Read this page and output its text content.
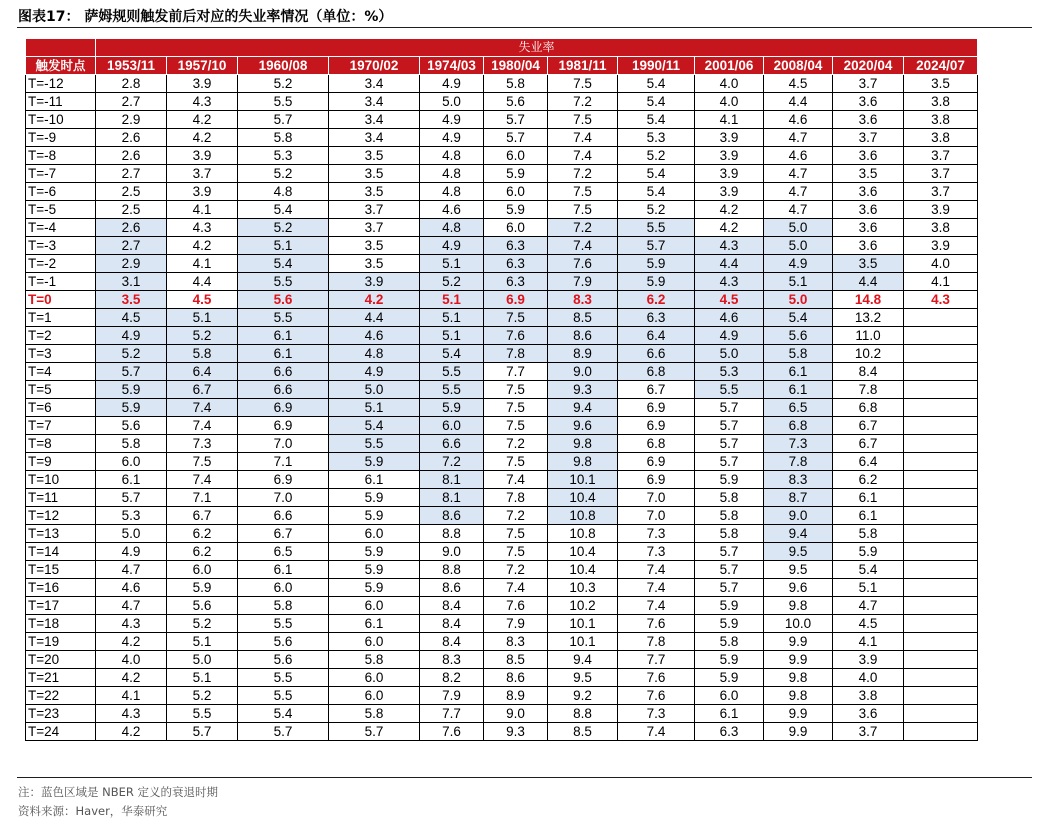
图表17： 萨姆规则触发前后对应的失业率情况（单位：%）
	失业率											
触发时点	1953/11	1957/10	1960/08	1970/02	1974/03	1980/04	1981/11	1990/11	2001/06	2008/04	2020/04	2024/07
T=-12	2.8	3.9	5.2	3.4	4.9	5.8	7.5	5.4	4.0	4.5	3.7	3.5
T=-11	2.7	4.3	5.5	3.4	5.0	5.6	7.2	5.4	4.0	4.4	3.6	3.8
T=-10	2.9	4.2	5.7	3.4	4.9	5.7	7.5	5.4	4.1	4.6	3.6	3.8
T=-9	2.6	4.2	5.8	3.4	4.9	5.7	7.4	5.3	3.9	4.7	3.7	3.8
T=-8	2.6	3.9	5.3	3.5	4.8	6.0	7.4	5.2	3.9	4.6	3.6	3.7
T=-7	2.7	3.7	5.2	3.5	4.8	5.9	7.2	5.4	3.9	4.7	3.5	3.7
T=-6	2.5	3.9	4.8	3.5	4.8	6.0	7.5	5.4	3.9	4.7	3.6	3.7
T=-5	2.5	4.1	5.4	3.7	4.6	5.9	7.5	5.2	4.2	4.7	3.6	3.9
T=-4	2.6	4.3	5.2	3.7	4.8	6.0	7.2	5.5	4.2	5.0	3.6	3.8
T=-3	2.7	4.2	5.1	3.5	4.9	6.3	7.4	5.7	4.3	5.0	3.6	3.9
T=-2	2.9	4.1	5.4	3.5	5.1	6.3	7.6	5.9	4.4	4.9	3.5	4.0
T=-1	3.1	4.4	5.5	3.9	5.2	6.3	7.9	5.9	4.3	5.1	4.4	4.1
T=0	3.5	4.5	5.6	4.2	5.1	6.9	8.3	6.2	4.5	5.0	14.8	4.3
T=1	4.5	5.1	5.5	4.4	5.1	7.5	8.5	6.3	4.6	5.4	13.2	
T=2	4.9	5.2	6.1	4.6	5.1	7.6	8.6	6.4	4.9	5.6	11.0	
T=3	5.2	5.8	6.1	4.8	5.4	7.8	8.9	6.6	5.0	5.8	10.2	
T=4	5.7	6.4	6.6	4.9	5.5	7.7	9.0	6.8	5.3	6.1	8.4	
T=5	5.9	6.7	6.6	5.0	5.5	7.5	9.3	6.7	5.5	6.1	7.8	
T=6	5.9	7.4	6.9	5.1	5.9	7.5	9.4	6.9	5.7	6.5	6.8	
T=7	5.6	7.4	6.9	5.4	6.0	7.5	9.6	6.9	5.7	6.8	6.7	
T=8	5.8	7.3	7.0	5.5	6.6	7.2	9.8	6.8	5.7	7.3	6.7	
T=9	6.0	7.5	7.1	5.9	7.2	7.5	9.8	6.9	5.7	7.8	6.4	
T=10	6.1	7.4	6.9	6.1	8.1	7.4	10.1	6.9	5.9	8.3	6.2	
T=11	5.7	7.1	7.0	5.9	8.1	7.8	10.4	7.0	5.8	8.7	6.1	
T=12	5.3	6.7	6.6	5.9	8.6	7.2	10.8	7.0	5.8	9.0	6.1	
T=13	5.0	6.2	6.7	6.0	8.8	7.5	10.8	7.3	5.8	9.4	5.8	
T=14	4.9	6.2	6.5	5.9	9.0	7.5	10.4	7.3	5.7	9.5	5.9	
T=15	4.7	6.0	6.1	5.9	8.8	7.2	10.4	7.4	5.7	9.5	5.4	
T=16	4.6	5.9	6.0	5.9	8.6	7.4	10.3	7.4	5.7	9.6	5.1	
T=17	4.7	5.6	5.8	6.0	8.4	7.6	10.2	7.4	5.9	9.8	4.7	
T=18	4.3	5.2	5.5	6.1	8.4	7.9	10.1	7.6	5.9	10.0	4.5	
T=19	4.2	5.1	5.6	6.0	8.4	8.3	10.1	7.8	5.8	9.9	4.1	
T=20	4.0	5.0	5.6	5.8	8.3	8.5	9.4	7.7	5.9	9.9	3.9	
T=21	4.2	5.1	5.5	6.0	8.2	8.6	9.5	7.6	5.9	9.8	4.0	
T=22	4.1	5.2	5.5	6.0	7.9	8.9	9.2	7.6	6.0	9.8	3.8	
T=23	4.3	5.5	5.4	5.8	7.7	9.0	8.8	7.3	6.1	9.9	3.6	
T=24	4.2	5.7	5.7	5.7	7.6	9.3	8.5	7.4	6.3	9.9	3.7	
注：蓝色区域是 NBER 定义的衰退时期
资料来源：Haver，华泰研究
